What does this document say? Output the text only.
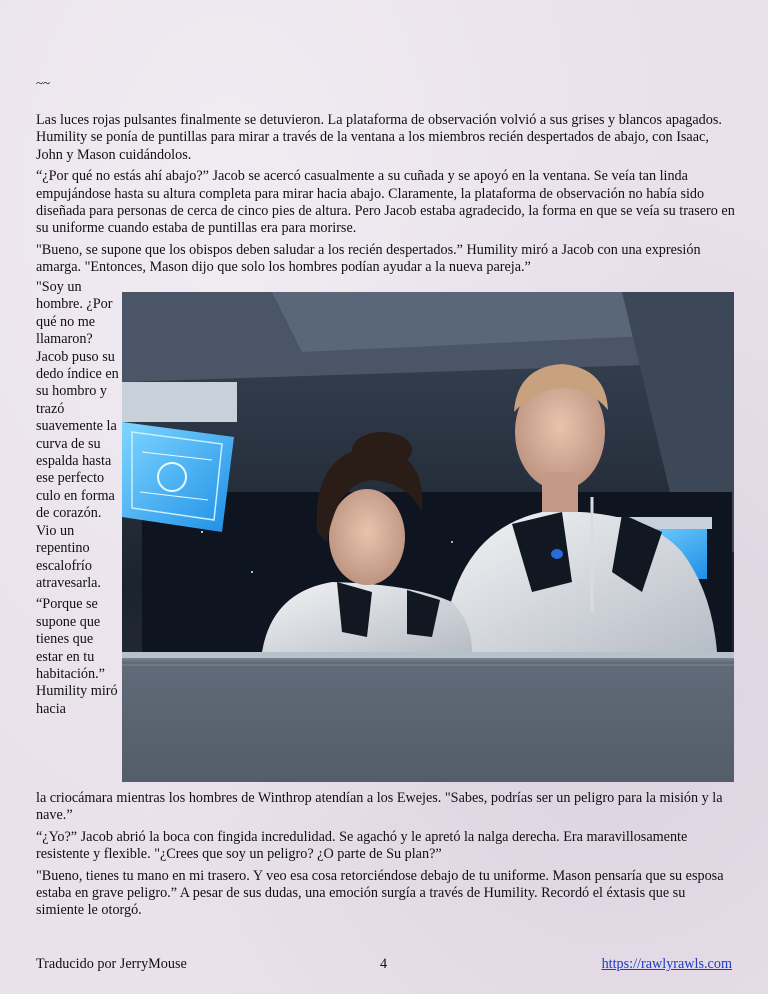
~~

Las luces rojas pulsantes finalmente se detuvieron. La plataforma de observación volvió a sus grises y blancos apagados. Humility se ponía de puntillas para mirar a través de la ventana a los miembros recién despertados de abajo, con Isaac, John y Mason cuidándolos.

“¿Por qué no estás ahí abajo?” Jacob se acercó casualmente a su cuñada y se apoyó en la ventana. Se veía tan linda empujándose hasta su altura completa para mirar hacia abajo. Claramente, la plataforma de observación no había sido diseñada para personas de cerca de cinco pies de altura. Pero Jacob estaba agradecido, la forma en que se veía su trasero en su uniforme cuando estaba de puntillas era para morirse.

"Bueno, se supone que los obispos deben saludar a los recién despertados.” Humility miró a Jacob con una expresión amarga. "Entonces, Mason dijo que solo los hombres podían ayudar a la nueva pareja.”

"Soy un hombre. ¿Por qué no me llamaron? Jacob puso su dedo índice en su hombro y trazó suavemente la curva de su espalda hasta ese perfecto culo en forma de corazón. Vio un repentino escalofrío atravesarla.

“Porque se supone que tienes que estar en tu habitación.” Humility miró hacia

la criocámara mientras los hombres de Winthrop atendían a los Ewejes. "Sabes, podrías ser un peligro para la misión y la nave.”

“¿Yo?” Jacob abrió la boca con fingida incredulidad. Se agachó y le apretó la nalga derecha. Era maravillosamente resistente y flexible. "¿Crees que soy un peligro? ¿O parte de Su plan?”

"Bueno, tienes tu mano en mi trasero. Y veo esa cosa retorciéndose debajo de tu uniforme. Mason pensaría que su esposa estaba en grave peligro.” A pesar de sus dudas, una emoción surgía a través de Humility. Recordó el éxtasis que su simiente le otorgó.

Traducido por JerryMouse	4	https://rawlyrawls.com
